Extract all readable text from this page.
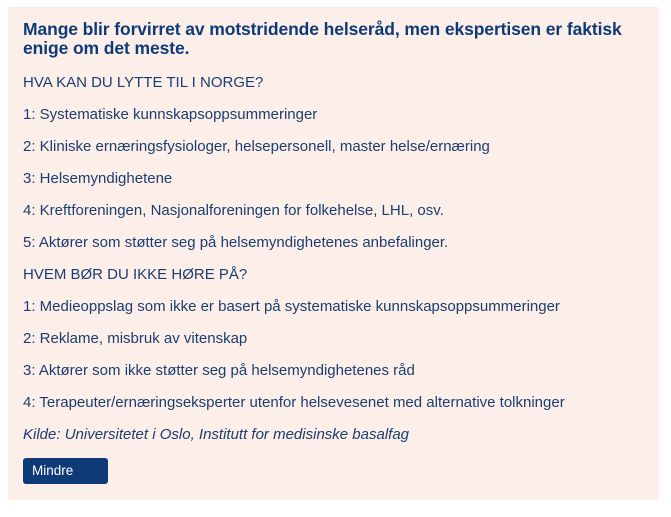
Mange blir forvirret av motstridende helseråd, men ekspertisen er faktisk enige om det meste.

HVA KAN DU LYTTE TIL I NORGE?

1: Systematiske kunnskapsoppsummeringer

2: Kliniske ernæringsfysiologer, helsepersonell, master helse/ernæring

3: Helsemyndighetene

4: Kreftforeningen, Nasjonalforeningen for folkehelse, LHL, osv.

5: Aktører som støtter seg på helsemyndighetenes anbefalinger.

HVEM BØR DU IKKE HØRE PÅ?

1: Medieoppslag som ikke er basert på systematiske kunnskapsoppsummeringer

2: Reklame, misbruk av vitenskap

3: Aktører som ikke støtter seg på helsemyndighetenes råd

4: Terapeuter/ernæringseksperter utenfor helsevesenet med alternative tolkninger

Kilde: Universitetet i Oslo, Institutt for medisinske basalfag

Mindre
